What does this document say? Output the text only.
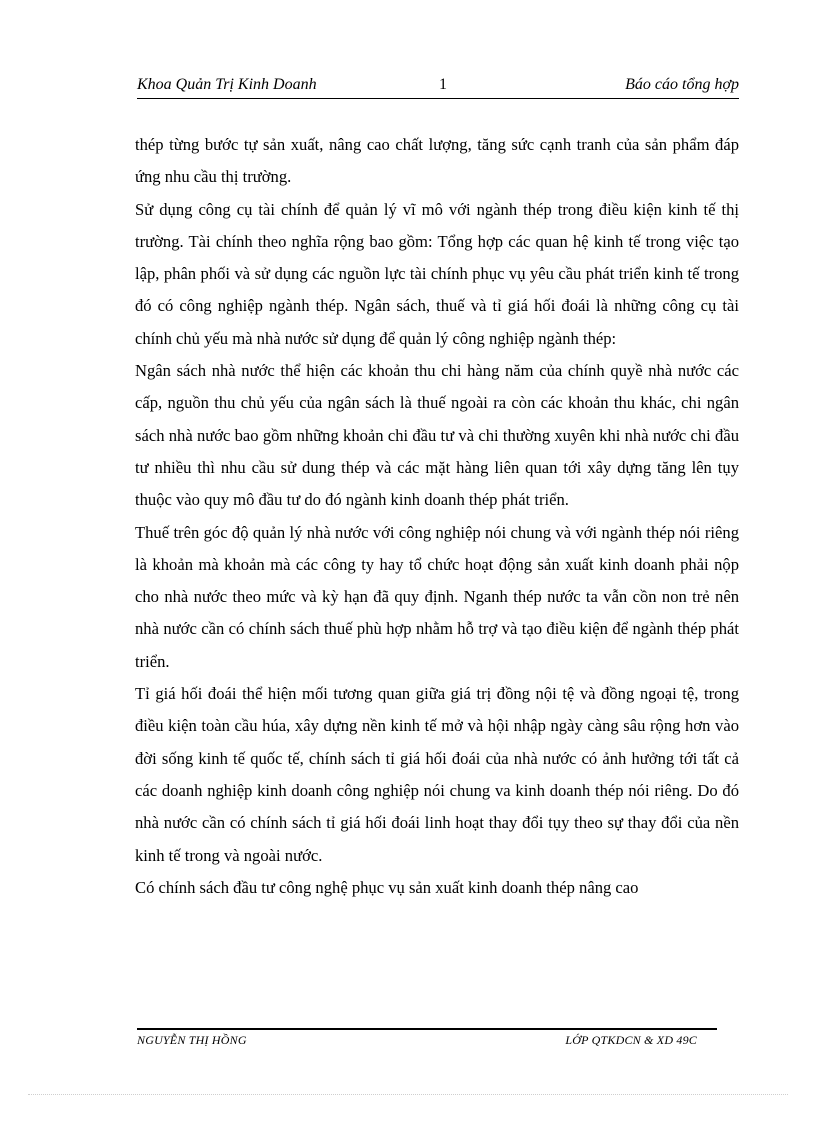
Khoa Quản Trị Kinh Doanh	1	Báo cáo tổng hợp

thép từng bước tự sản xuất, nâng cao chất lượng, tăng sức cạnh tranh của sản phẩm đáp ứng nhu cầu thị trường.

Sử dụng công cụ tài chính để quản lý vĩ mô với ngành thép trong điều kiện kinh tế thị trường. Tài chính theo nghĩa rộng bao gồm: Tổng hợp các quan hệ kinh tế trong việc tạo lập, phân phối và sử dụng các nguồn lực tài chính phục vụ yêu cầu phát triển kinh tế trong đó có công nghiệp ngành thép. Ngân sách, thuế và tỉ giá hối đoái là những công cụ tài chính chủ yếu mà nhà nước sử dụng để quản lý công nghiệp ngành thép:

Ngân sách nhà nước thể hiện các khoản thu chi hàng năm của chính quyề nhà nước các cấp, nguồn thu chủ yếu của ngân sách là thuế ngoài ra còn các khoản thu khác, chi ngân sách nhà nước bao gồm những khoản chi đầu tư và chi thường xuyên khi nhà nước chi đầu tư nhiều thì nhu cầu sử dung thép và các mặt hàng liên quan tới xây dựng tăng lên tụy thuộc vào quy mô đầu tư do đó ngành kinh doanh thép phát triển.

Thuế trên góc độ quản lý nhà nước với công nghiệp nói chung và với ngành thép nói riêng là khoản mà khoản mà các công ty hay tổ chức hoạt động sản xuất kinh doanh phải nộp cho nhà nước theo mức và kỳ hạn đã quy định. Nganh thép nước ta vẫn cồn non trẻ nên nhà nước cần có chính sách thuế phù hợp nhằm hỗ trợ và tạo điều kiện để ngành thép phát triển.

Tỉ giá hối đoái thể hiện mối tương quan giữa giá trị đồng nội tệ và đồng ngoại tệ, trong điều kiện toàn cầu húa, xây dựng nền kinh tế mở và hội nhập ngày càng sâu rộng hơn vào đời sống kinh tế quốc tế, chính sách tỉ giá hối đoái của nhà nước có ảnh hưởng tới tất cả các doanh nghiệp kinh doanh công nghiệp nói chung va kinh doanh thép nói riêng. Do đó nhà nước cần có chính sách tỉ giá hối đoái linh hoạt thay đổi tụy theo sự thay đổi của nền kinh tế trong và ngoài nước.

Có chính sách đầu tư công nghệ phục vụ sản xuất kinh doanh thép nâng cao

NGUYỄN THỊ HỒNG	LỚP QTKDCN & XD 49C
